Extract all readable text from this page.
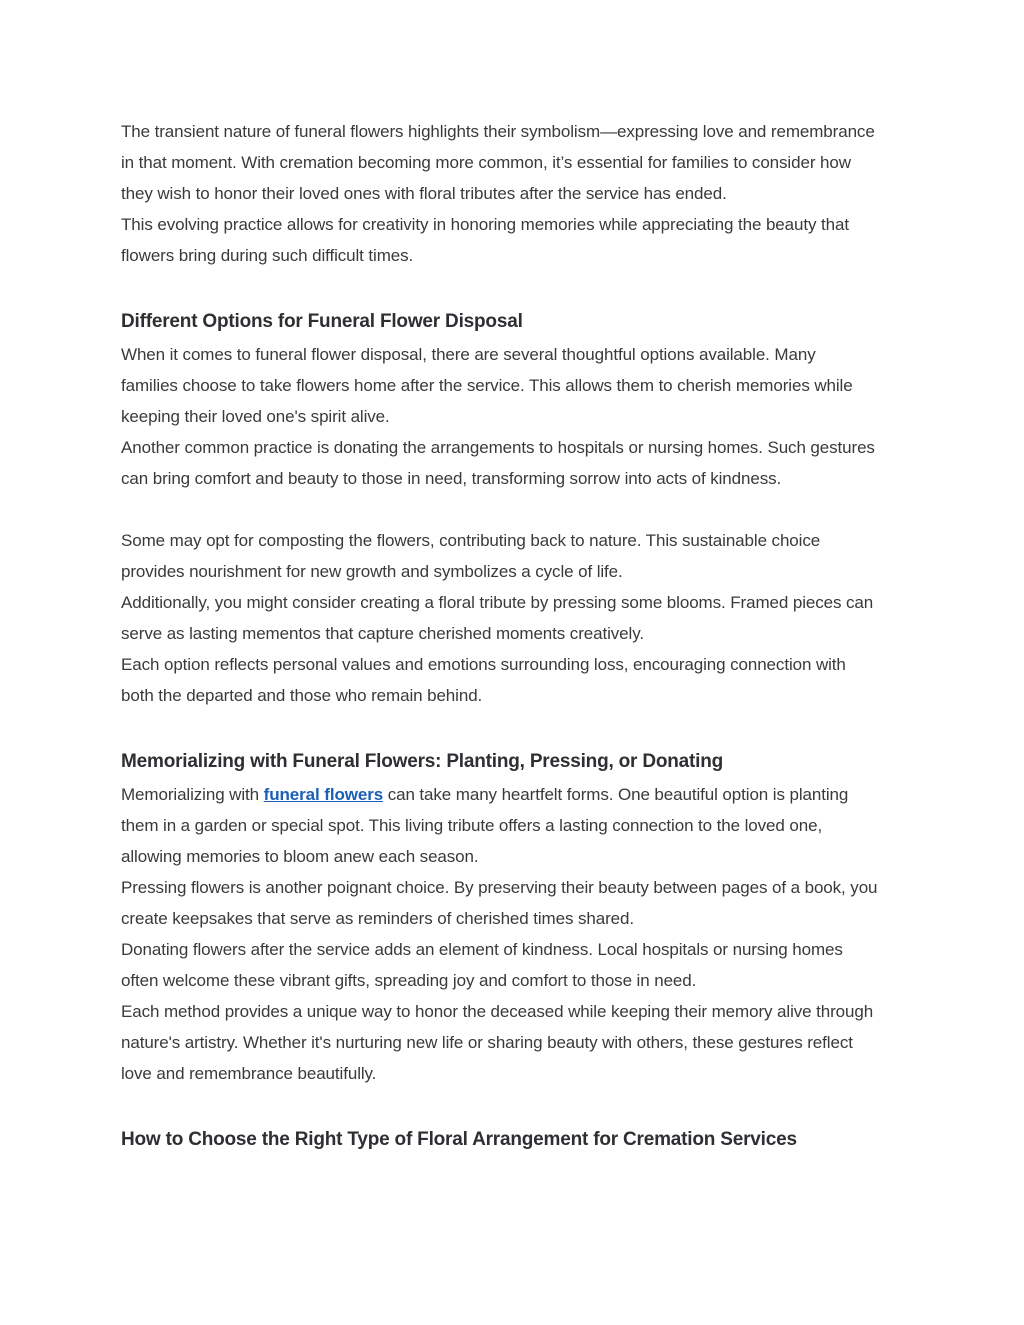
The transient nature of funeral flowers highlights their symbolism—expressing love and remembrance
in that moment. With cremation becoming more common, it’s essential for families to consider how
they wish to honor their loved ones with floral tributes after the service has ended.
This evolving practice allows for creativity in honoring memories while appreciating the beauty that
flowers bring during such difficult times.
Different Options for Funeral Flower Disposal
When it comes to funeral flower disposal, there are several thoughtful options available. Many
families choose to take flowers home after the service. This allows them to cherish memories while
keeping their loved one's spirit alive.
Another common practice is donating the arrangements to hospitals or nursing homes. Such gestures
can bring comfort and beauty to those in need, transforming sorrow into acts of kindness.
Some may opt for composting the flowers, contributing back to nature. This sustainable choice
provides nourishment for new growth and symbolizes a cycle of life.
Additionally, you might consider creating a floral tribute by pressing some blooms. Framed pieces can
serve as lasting mementos that capture cherished moments creatively.
Each option reflects personal values and emotions surrounding loss, encouraging connection with
both the departed and those who remain behind.
Memorializing with Funeral Flowers: Planting, Pressing, or Donating
Memorializing with funeral flowers can take many heartfelt forms. One beautiful option is planting
them in a garden or special spot. This living tribute offers a lasting connection to the loved one,
allowing memories to bloom anew each season.
Pressing flowers is another poignant choice. By preserving their beauty between pages of a book, you
create keepsakes that serve as reminders of cherished times shared.
Donating flowers after the service adds an element of kindness. Local hospitals or nursing homes
often welcome these vibrant gifts, spreading joy and comfort to those in need.
Each method provides a unique way to honor the deceased while keeping their memory alive through
nature's artistry. Whether it's nurturing new life or sharing beauty with others, these gestures reflect
love and remembrance beautifully.
How to Choose the Right Type of Floral Arrangement for Cremation Services
